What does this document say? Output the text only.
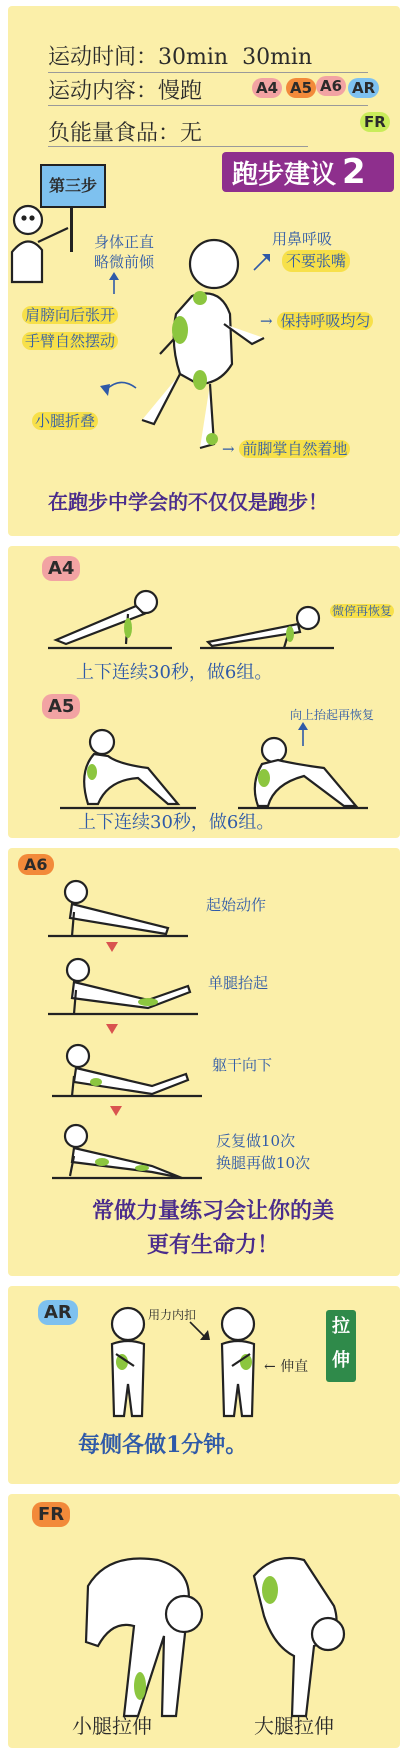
运动时间：30min 30min
运动内容：慢跑	A4 A5 A6 AR
FR
负能量食品：无
跑步建议 2
第三步
身体正直
略微前倾
用鼻呼吸
不要张嘴
肩膀向后张开
手臂自然摆动
→ 保持呼吸均匀
小腿折叠
→ 前脚掌自然着地
在跑步中学会的不仅仅是跑步！
A4
微停再恢复
上下连续30秒，做6组。
A5	向上抬起再恢复
上下连续30秒，做6组。
A6
起始动作
单腿抬起
躯干向下
反复做10次
换腿再做10次
常做力量练习会让你的美
更有生命力！
AR	用力内扣
← 伸直
拉
伸
每侧各做1分钟。
FR
小腿拉伸	大腿拉伸
